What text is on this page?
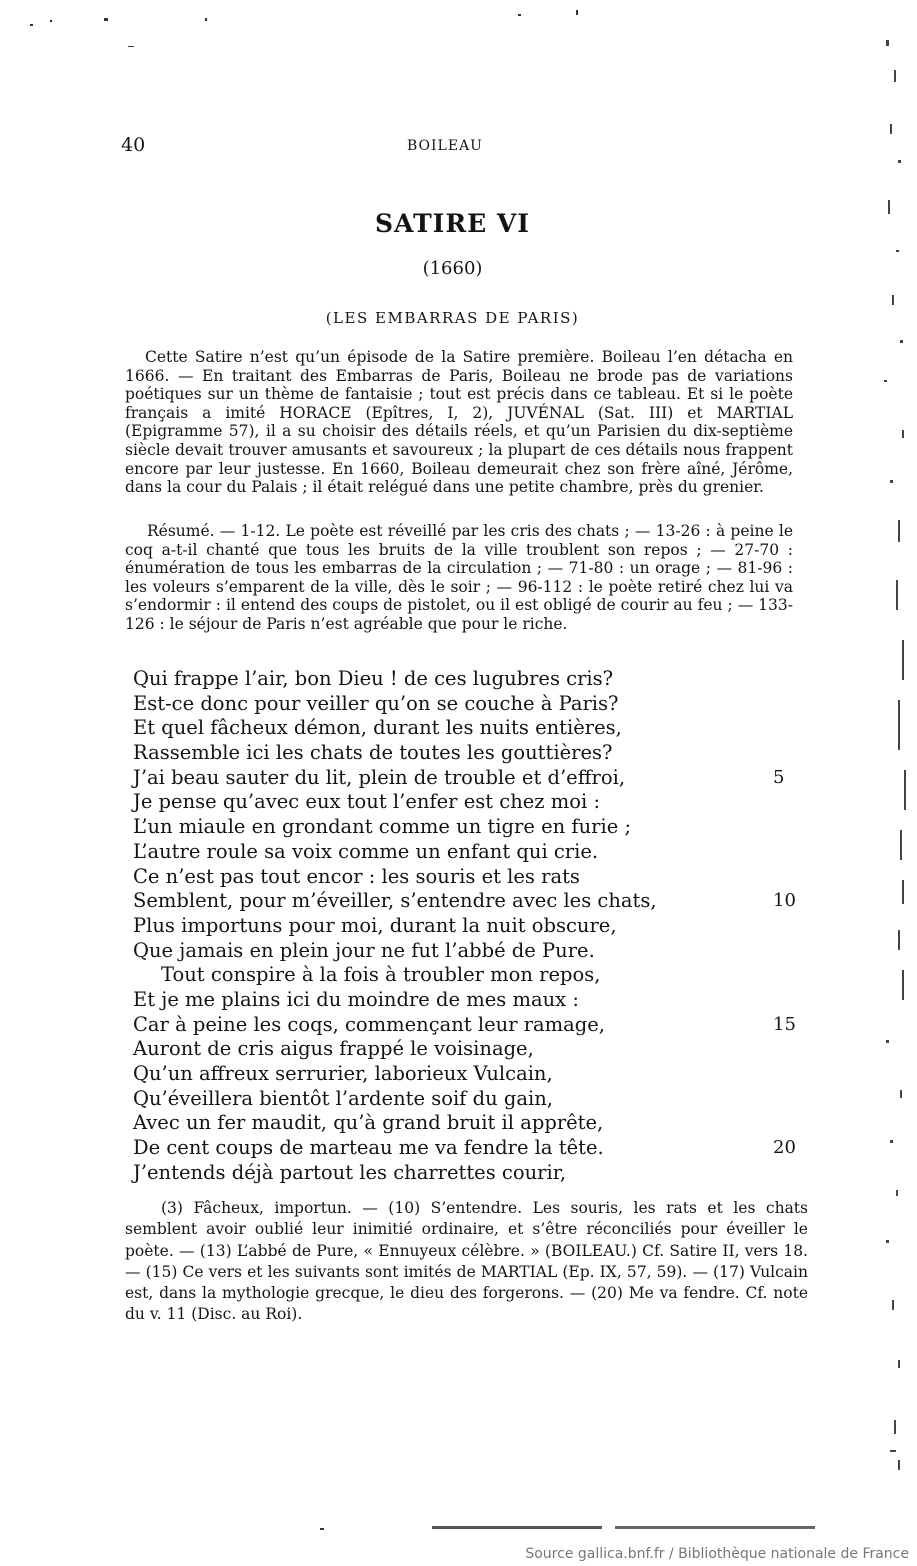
40	BOILEAU
SATIRE VI
(1660)
(LES EMBARRAS DE PARIS)

Cette Satire n’est qu’un épisode de la Satire première. Boileau l’en détacha en 1666. — En traitant des Embarras de Paris, Boileau ne brode pas de variations poétiques sur un thème de fantaisie ; tout est précis dans ce tableau. Et si le poète français a imité HORACE (Epîtres, I, 2), JUVÉNAL (Sat. III) et MARTIAL (Epigramme 57), il a su choisir des détails réels, et qu’un Parisien du dix-septième siècle devait trouver amusants et savoureux ; la plupart de ces détails nous frappent encore par leur justesse. En 1660, Boileau demeurait chez son frère aîné, Jérôme, dans la cour du Palais ; il était relégué dans une petite chambre, près du grenier.

Résumé. — 1-12. Le poète est réveillé par les cris des chats ; — 13-26 : à peine le coq a-t-il chanté que tous les bruits de la ville troublent son repos ; — 27-70 : énumération de tous les embarras de la circulation ; — 71-80 : un orage ; — 81-96 : les voleurs s’emparent de la ville, dès le soir ; — 96-112 : le poète retiré chez lui va s’endormir : il entend des coups de pistolet, ou il est obligé de courir au feu ; — 133-126 : le séjour de Paris n’est agréable que pour le riche.

Qui frappe l’air, bon Dieu ! de ces lugubres cris?
Est-ce donc pour veiller qu’on se couche à Paris?
Et quel fâcheux démon, durant les nuits entières,
Rassemble ici les chats de toutes les gouttières?
J’ai beau sauter du lit, plein de trouble et d’effroi,	5
Je pense qu’avec eux tout l’enfer est chez moi :
L’un miaule en grondant comme un tigre en furie ;
L’autre roule sa voix comme un enfant qui crie.
Ce n’est pas tout encor : les souris et les rats
Semblent, pour m’éveiller, s’entendre avec les chats,	10
Plus importuns pour moi, durant la nuit obscure,
Que jamais en plein jour ne fut l’abbé de Pure.
Tout conspire à la fois à troubler mon repos,
Et je me plains ici du moindre de mes maux :
Car à peine les coqs, commençant leur ramage,	15
Auront de cris aigus frappé le voisinage,
Qu’un affreux serrurier, laborieux Vulcain,
Qu’éveillera bientôt l’ardente soif du gain,
Avec un fer maudit, qu’à grand bruit il apprête,
De cent coups de marteau me va fendre la tête.	20
J’entends déjà partout les charrettes courir,

(3) Fâcheux, importun. — (10) S’entendre. Les souris, les rats et les chats semblent avoir oublié leur inimitié ordinaire, et s’être réconciliés pour éveiller le poète. — (13) L’abbé de Pure, « Ennuyeux célèbre. » (BOILEAU.) Cf. Satire II, vers 18. — (15) Ce vers et les suivants sont imités de MARTIAL (Ep. IX, 57, 59). — (17) Vulcain est, dans la mythologie grecque, le dieu des forgerons. — (20) Me va fendre. Cf. note du v. 11 (Disc. au Roi).

Source gallica.bnf.fr / Bibliothèque nationale de France
